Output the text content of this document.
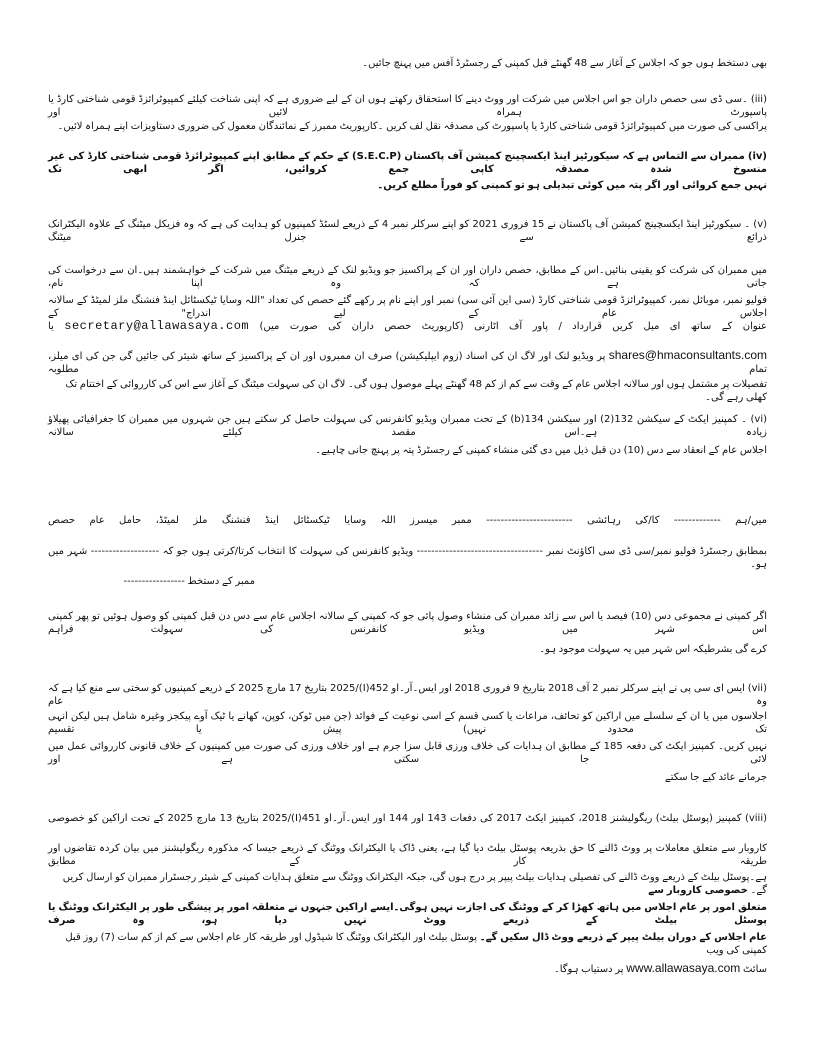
بھی دستخط ہوں جو کہ اجلاس کے آغاز سے 48 گھنٹے قبل کمپنی کے رجسٹرڈ آفس میں پہنچ جائیں۔
(iii) ۔سی ڈی سی حصص داران جو اس اجلاس میں شرکت اور ووٹ دینے کا استحقاق رکھتے ہوں ان کے لیے ضروری ہے کہ اپنی شناخت کیلئے کمپیوٹرائزڈ قومی شناختی کارڈ یا پاسپورٹ ہمراہ لائیں اور
پراکسی کی صورت میں کمپیوٹرائزڈ قومی شناختی کارڈ یا پاسپورٹ کی مصدقہ نقل لف کریں ۔کارپوریٹ ممبرز کے نمائندگان معمول کی ضروری دستاویزات اپنے ہمراہ لائیں۔
(iv) ممبران سے التماس ہے کہ سیکورٹیز اینڈ ایکسچینج کمیشن آف پاکستان (S.E.C.P) کے حکم کے مطابق اپنے کمپیوٹرائزڈ قومی شناختی کارڈ کی غیر منسوخ شدہ مصدقہ کاپی جمع کروائیں، اگر ابھی تک
نہیں جمع کروائی اور اگر پتہ میں کوئی تبدیلی ہو تو کمپنی کو فوراً مطلع کریں۔
(v) ۔ سیکورٹیز اینڈ ایکسچینج کمیشن آف پاکستان نے 15 فروری 2021 کو اپنے سرکلر نمبر 4 کے ذریعے لسٹڈ کمپنیوں کو ہدایت کی ہے کہ وہ فزیکل میٹنگ کے علاوہ الیکٹرانک ذرائع سے جنرل میٹنگ
میں ممبران کی شرکت کو یقینی بنائیں۔اس کے مطابق، حصص داران اور ان کے پراکسیز جو ویڈیو لنک کے ذریعے میٹنگ میں شرکت کے خواہشمند ہیں۔ان سے درخواست کی جاتی ہے کہ وہ اپنا نام،
فولیو نمبر، موبائل نمبر، کمپیوٹرائزڈ قومی شناختی کارڈ (سی این آئی سی) نمبر اور اپنے نام پر رکھے گئے حصص کی تعداد "اللہ وسایا ٹیکسٹائل اینڈ فنشنگ ملز لمیٹڈ کے سالانہ اجلاس عام کے لیے اندراج" کے
عنوان کے ساتھ ای میل کریں قرارداد / پاور آف اٹارنی (کارپوریٹ حصص داران کی صورت میں) secretary@allawasaya.com یا
shares@hmaconsultants.com پر ویڈیو لنک اور لاگ ان کی اسناد (زوم ایپلیکیشن) صرف ان ممبروں اور ان کے پراکسیز کے ساتھ شیئر کی جائیں گی جن کی ای میلز، تمام مطلوبہ
تفصیلات پر مشتمل ہوں اور سالانہ اجلاس عام کے وقت سے کم از کم 48 گھنٹے پہلے موصول ہوں گی۔ لاگ ان کی سہولت میٹنگ کے آغاز سے اس کی کارروائی کے اختتام تک کھلی رہے گی۔
(vi) ۔ کمپنیز ایکٹ کے سیکشن 132(2) اور سیکشن 134(b) کے تحت ممبران ویڈیو کانفرنس کی سہولت حاصل کر سکتے ہیں جن شہروں میں ممبران کا جغرافیائی پھیلاؤ زیادہ ہے۔اس مقصد کیلئے سالانہ
اجلاس عام کے انعقاد سے دس (10) دن قبل ذیل میں دی گئی منشاء کمپنی کے رجسٹرڈ پتہ پر پہنچ جانی چاہیے۔
میں/ہم ------------- کا/کی رہائشی ------------------------ ممبر میسرز اللہ وسایا ٹیکسٹائل اینڈ فنشنگ ملز لمیٹڈ، حامل عام حصص
بمطابق رجسٹرڈ فولیو نمبر/سی ڈی سی اکاؤنٹ نمبر ----------------------------------- ویڈیو کانفرنس کی سہولت کا انتخاب کرتا/کرتی ہوں جو کہ ------------------- شہر میں ہو۔
ممبر کے دستخط -----------------
اگر کمپنی نے مجموعی دس (10) فیصد یا اس سے زائد ممبران کی منشاء وصول پائی جو کہ کمپنی کے سالانہ اجلاس عام سے دس دن قبل کمپنی کو وصول ہوئیں تو پھر کمپنی اس شہر میں ویڈیو کانفرنس کی سہولت فراہم
کرے گی بشرطیکہ اس شہر میں یہ سہولت موجود ہو۔
(vii) ایس ای سی پی نے اپنے سرکلر نمبر 2 آف 2018 بتاریخ 9 فروری 2018 اور ایس۔آر۔او 452(I)/2025 بتاریخ 17 مارچ 2025 کے ذریعے کمپنیوں کو سختی سے منع کیا ہے کہ وہ عام
اجلاسوں میں یا ان کے سلسلے میں اراکین کو تحائف، مراعات یا کسی قسم کے اسی نوعیت کے فوائد (جن میں ٹوکن، کوپن، کھانے یا ٹیک آوے پیکجز وغیرہ شامل ہیں لیکن انہی تک محدود نہیں) پیش یا تقسیم
نہیں کریں۔ کمپنیز ایکٹ کی دفعہ 185 کے مطابق ان ہدایات کی خلاف ورزی قابل سزا جرم ہے اور خلاف ورزی کی صورت میں کمپنیوں کے خلاف قانونی کارروائی عمل میں لائی جا سکتی ہے اور
جرمانے عائد کیے جا سکتے
(viii) کمپنیز (پوسٹل بیلٹ) ریگولیشنز 2018، کمپنیز ایکٹ 2017 کی دفعات 143 اور 144 اور ایس۔آر۔او 451(I)/2025 بتاریخ 13 مارچ 2025 کے تحت اراکین کو خصوصی
کاروبار سے متعلق معاملات پر ووٹ ڈالنے کا حق بذریعہ پوسٹل بیلٹ دیا گیا ہے، یعنی ڈاک یا الیکٹرانک ووٹنگ کے ذریعے جیسا کہ مذکورہ ریگولیشنز میں بیان کردہ تقاضوں اور طریقہ کار کے مطابق
ہے۔پوسٹل بیلٹ کے ذریعے ووٹ ڈالنے کی تفصیلی ہدایات بیلٹ پیپر پر درج ہوں گی، جبکہ الیکٹرانک ووٹنگ سے متعلق ہدایات کمپنی کے شیئر رجسٹرار ممبران کو ارسال کریں گے۔ خصوصی کاروبار سے
متعلق امور پر عام اجلاس میں ہاتھ کھڑا کر کے ووٹنگ کی اجازت نہیں ہوگی۔ایسے اراکین جنہوں نے متعلقہ امور پر پیشگی طور پر الیکٹرانک ووٹنگ یا پوسٹل بیلٹ کے ذریعے ووٹ نہیں دیا ہو، وہ صرف
عام اجلاس کے دوران بیلٹ پیپر کے ذریعے ووٹ ڈال سکیں گے۔ پوسٹل بیلٹ اور الیکٹرانک ووٹنگ کا شیڈول اور طریقہ کار عام اجلاس سے کم از کم سات (7) روز قبل کمپنی کی ویب
سائٹ www.allawasaya.com پر دستیاب ہوگا۔
